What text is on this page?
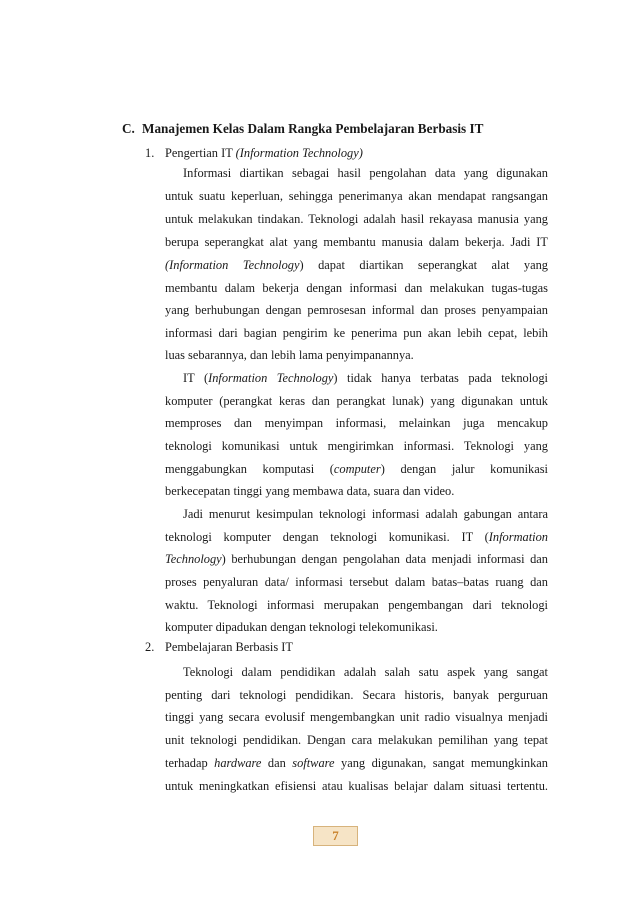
C. Manajemen Kelas Dalam Rangka Pembelajaran Berbasis IT
1. Pengertian IT (Information Technology)
Informasi diartikan sebagai hasil pengolahan data yang digunakan
untuk suatu keperluan, sehingga penerimanya akan mendapat rangsangan
untuk melakukan tindakan. Teknologi adalah hasil rekayasa manusia yang
berupa seperangkat alat yang membantu manusia dalam bekerja. Jadi IT
(Information Technology) dapat diartikan seperangkat alat yang
membantu dalam bekerja dengan informasi dan melakukan tugas-tugas
yang berhubungan dengan pemrosesan informal dan proses penyampaian
informasi dari bagian pengirim ke penerima pun akan lebih cepat, lebih
luas sebarannya, dan lebih lama penyimpanannya.
IT (Information Technology) tidak hanya terbatas pada teknologi
komputer (perangkat keras dan perangkat lunak) yang digunakan untuk
memproses dan menyimpan informasi, melainkan juga mencakup
teknologi komunikasi untuk mengirimkan informasi. Teknologi yang
menggabungkan komputasi (computer) dengan jalur komunikasi
berkecepatan tinggi yang membawa data, suara dan video.
Jadi menurut kesimpulan teknologi informasi adalah gabungan antara
teknologi komputer dengan teknologi komunikasi. IT (Information
Technology) berhubungan dengan pengolahan data menjadi informasi dan
proses penyaluran data/ informasi tersebut dalam batas–batas ruang dan
waktu. Teknologi informasi merupakan pengembangan dari teknologi
komputer dipadukan dengan teknologi telekomunikasi.
2. Pembelajaran Berbasis IT
Teknologi dalam pendidikan adalah salah satu aspek yang sangat
penting dari teknologi pendidikan. Secara historis, banyak perguruan
tinggi yang secara evolusif mengembangkan unit radio visualnya menjadi
unit teknologi pendidikan. Dengan cara melakukan pemilihan yang tepat
terhadap hardware dan software yang digunakan, sangat memungkinkan
untuk meningkatkan efisiensi atau kualisas belajar dalam situasi tertentu.
7
